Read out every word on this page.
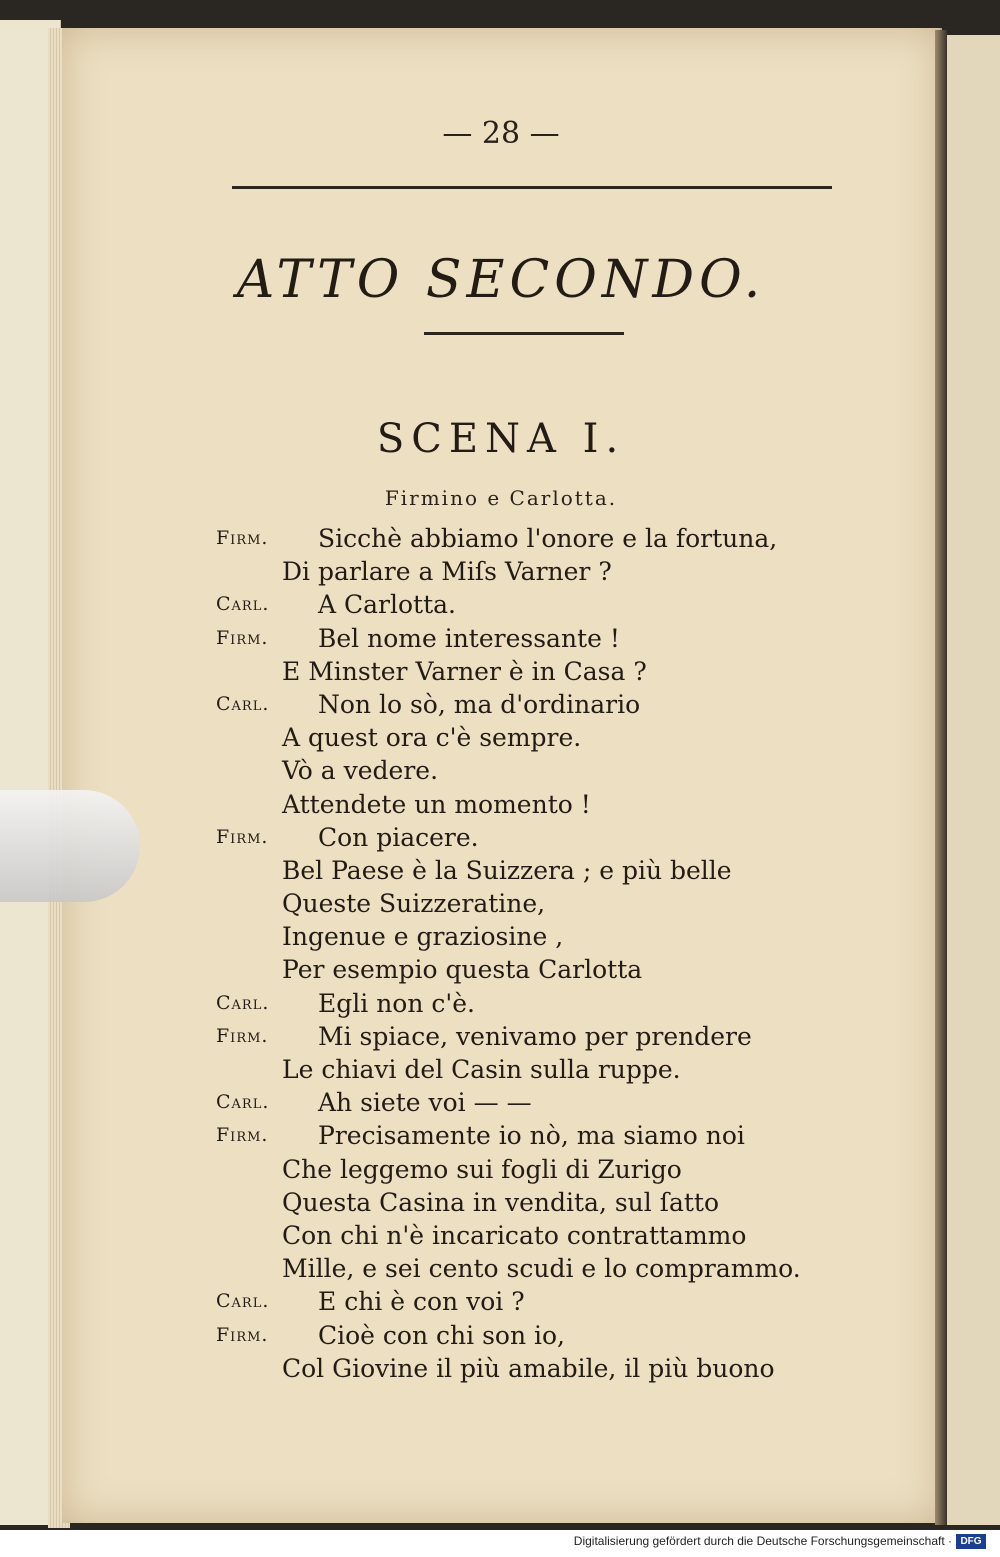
— 28 —
ATTO SECONDO.
SCENA I.
Firmino e Carlotta.
Firm. Sicchè abbiamo l'onore e la fortuna,
Di parlare a Miſs Varner ?
Carl. A Carlotta.
Firm. Bel nome interessante !
E Minster Varner è in Casa ?
Carl. Non lo sò, ma d'ordinario
A quest ora c'è sempre.
Vò a vedere.
Attendete un momento !
Firm. Con piacere.
Bel Paese è la Suizzera ; e più belle
Queste Suizzeratine,
Ingenue e graziosine ,
Per esempio questa Carlotta
Carl. Egli non c'è.
Firm. Mi spiace, venivamo per prendere
Le chiavi del Casin sulla ruppe.
Carl. Ah siete voi — —
Firm. Precisamente io nò, ma siamo noi
Che leggemo sui fogli di Zurigo
Questa Casina in vendita, sul ſatto
Con chi n'è incaricato contrattammo
Mille, e sei cento scudi e lo comprammo.
Carl. E chi è con voi ?
Firm. Cioè con chi son io,
Col Giovine il più amabile, il più buono
Digitalisierung gefördert durch die Deutsche Forschungsgemeinschaft · DFG
